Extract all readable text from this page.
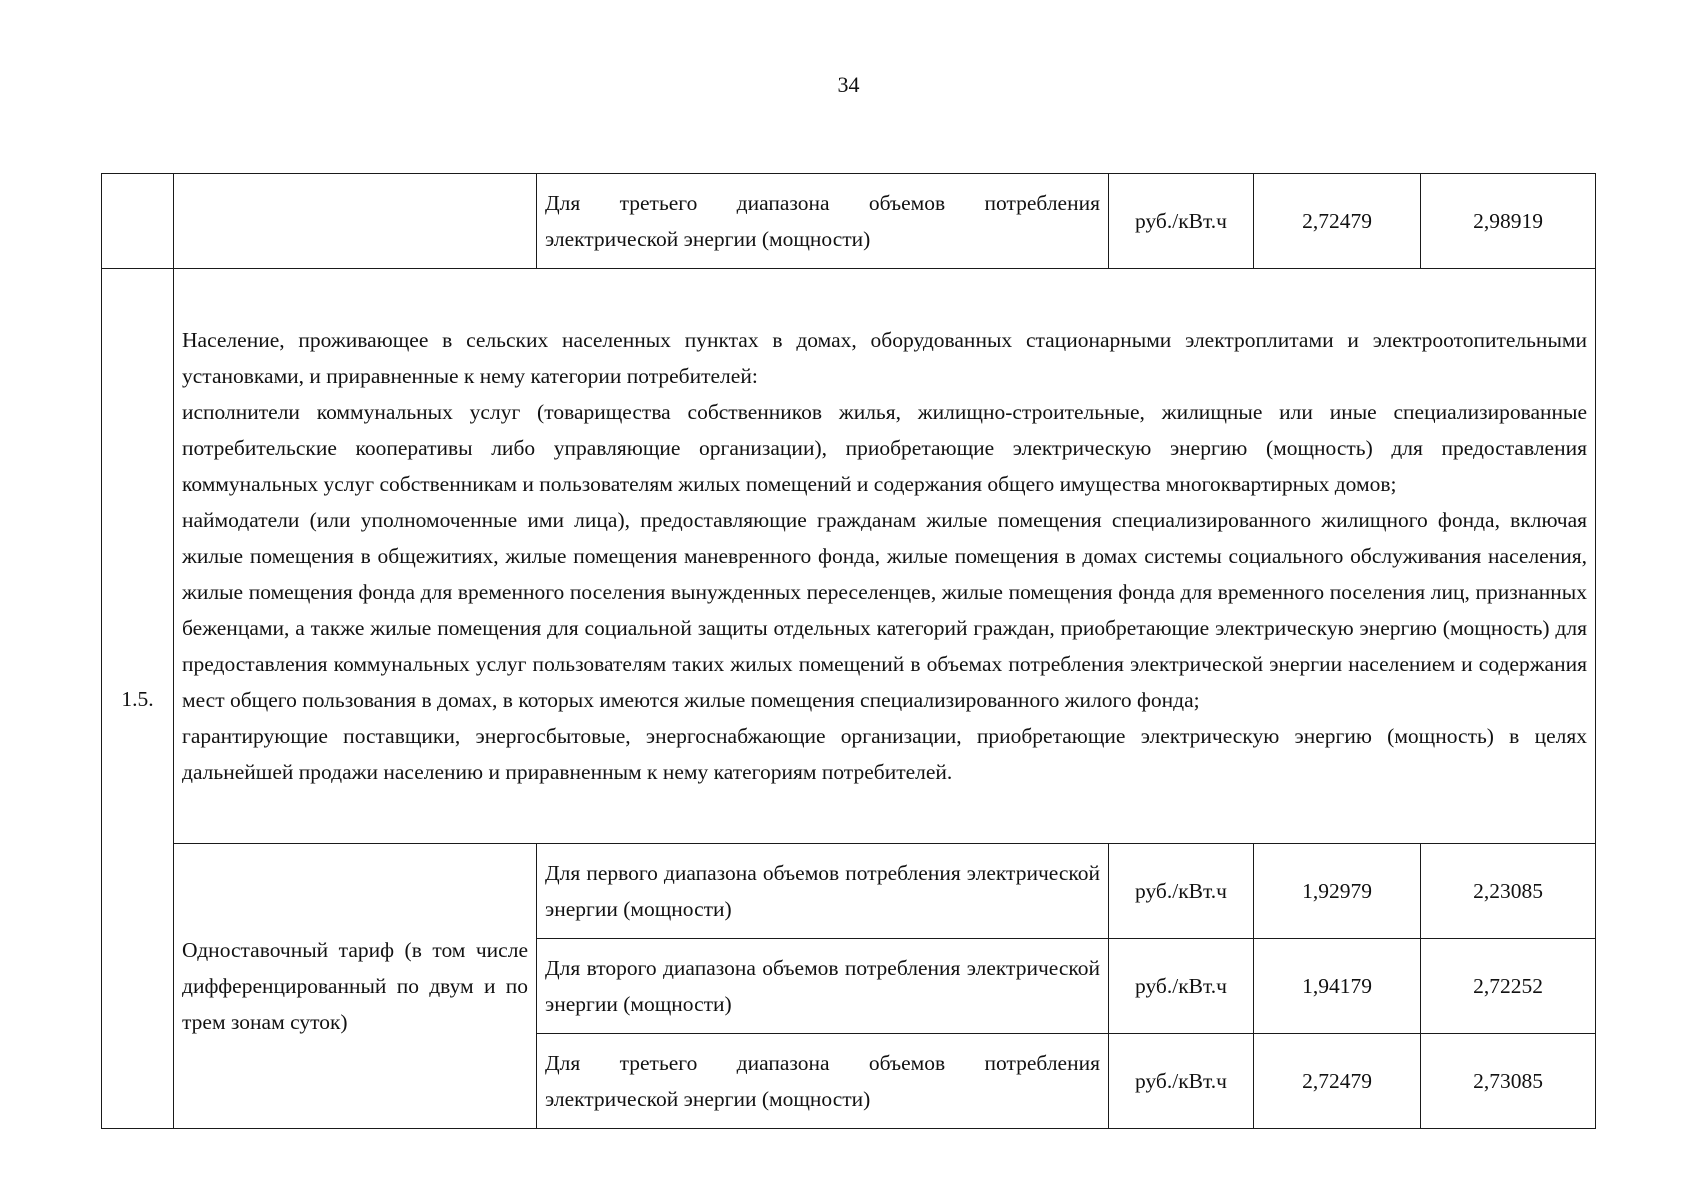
34

		Для третьего диапазона объемов потребления электрической энергии (мощности)	руб./кВт.ч	2,72479	2,98919
1.5.	Население, проживающее в сельских населенных пунктах в домах, оборудованных стационарными электроплитами и электроотопительными установками, и приравненные к нему категории потребителей:
исполнители коммунальных услуг (товарищества собственников жилья, жилищно-строительные, жилищные или иные специализированные потребительские кооперативы либо управляющие организации), приобретающие электрическую энергию (мощность) для предоставления коммунальных услуг собственникам и пользователям жилых помещений и содержания общего имущества многоквартирных домов;
наймодатели (или уполномоченные ими лица), предоставляющие гражданам жилые помещения специализированного жилищного фонда, включая жилые помещения в общежитиях, жилые помещения маневренного фонда, жилые помещения в домах системы социального обслуживания населения, жилые помещения фонда для временного поселения вынужденных переселенцев, жилые помещения фонда для временного поселения лиц, признанных беженцами, а также жилые помещения для социальной защиты отдельных категорий граждан, приобретающие электрическую энергию (мощность) для предоставления коммунальных услуг пользователям таких жилых помещений в объемах потребления электрической энергии населением и содержания мест общего пользования в домах, в которых имеются жилые помещения специализированного жилого фонда;
гарантирующие поставщики, энергосбытовые, энергоснабжающие организации, приобретающие электрическую энергию (мощность) в целях дальнейшей продажи населению и приравненным к нему категориям потребителей.				

	Одноставочный тариф (в том числе дифференцированный по двум и по трем зонам суток)	Для первого диапазона объемов потребления электрической энергии (мощности)	руб./кВт.ч	1,92979	2,23085

		Для второго диапазона объемов потребления электрической энергии (мощности)	руб./кВт.ч	1,94179	2,72252

		Для третьего диапазона объемов потребления электрической энергии (мощности)	руб./кВт.ч	2,72479	2,73085
